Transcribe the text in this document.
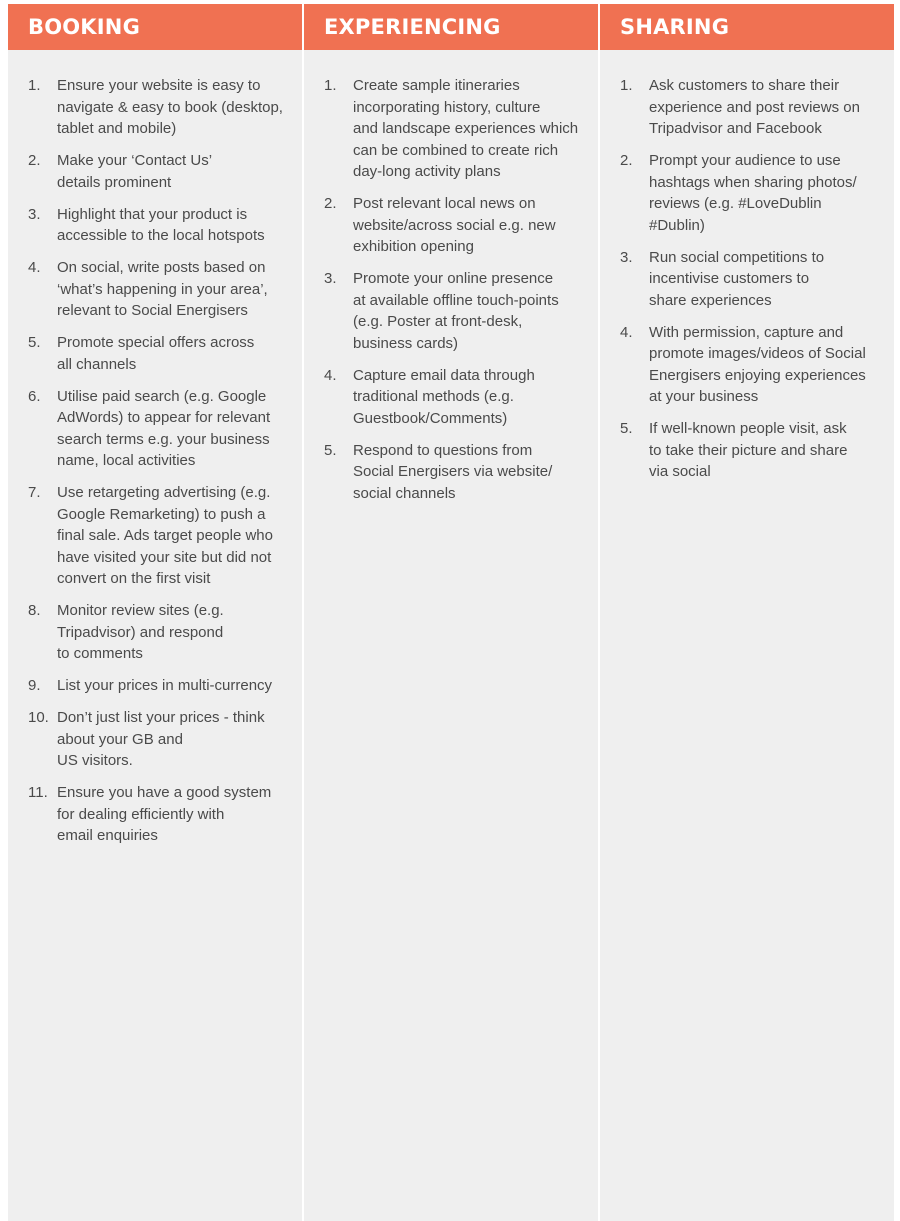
BOOKING
1. Ensure your website is easy to
navigate & easy to book (desktop,
tablet and mobile)
2. Make your ‘Contact Us’
details prominent
3. Highlight that your product is
accessible to the local hotspots
4. On social, write posts based on
‘what’s happening in your area’,
relevant to Social Energisers
5. Promote special offers across
all channels
6. Utilise paid search (e.g. Google
AdWords) to appear for relevant
search terms e.g. your business
name, local activities
7. Use retargeting advertising (e.g.
Google Remarketing) to push a
final sale. Ads target people who
have visited your site but did not
convert on the first visit
8. Monitor review sites (e.g.
Tripadvisor) and respond
to comments
9. List your prices in multi-currency
10. Don’t just list your prices - think
about your GB and
US visitors.
11. Ensure you have a good system
for dealing efficiently with
email enquiries
EXPERIENCING
1. Create sample itineraries
incorporating history, culture
and landscape experiences which
can be combined to create rich
day-long activity plans
2. Post relevant local news on
website/across social e.g. new
exhibition opening
3. Promote your online presence
at available offline touch-points
(e.g. Poster at front-desk,
business cards)
4. Capture email data through
traditional methods (e.g.
Guestbook/Comments)
5. Respond to questions from
Social Energisers via website/
social channels
SHARING
1. Ask customers to share their
experience and post reviews on
Tripadvisor and Facebook
2. Prompt your audience to use
hashtags when sharing photos/
reviews (e.g. #LoveDublin
#Dublin)
3. Run social competitions to
incentivise customers to
share experiences
4. With permission, capture and
promote images/videos of Social
Energisers enjoying experiences
at your business
5. If well-known people visit, ask
to take their picture and share
via social
